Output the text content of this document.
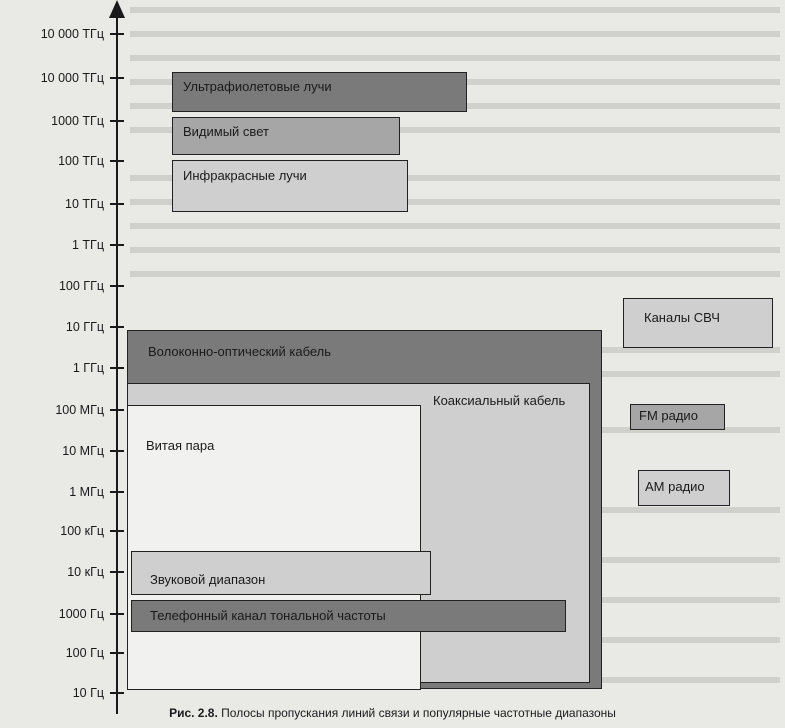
10 000 ТГц
10 000 ТГц
1000 ТГц
100 ТГц
10 ТГц
1 ТГц
100 ГГц
10 ГГц
1 ГГц
100 МГц
10 МГц
1 МГц
100 кГц
10 кГц
1000 Гц
100 Гц
10 Гц
Ультрафиолетовые лучи
Видимый свет
Инфракрасные лучи
Каналы СВЧ
FM радио
AM радио
Волоконно-оптический кабель
Коаксиальный кабель
Витая пара
Звуковой диапазон
Телефонный канал тональной частоты
Рис. 2.8. Полосы пропускания линий связи и популярные частотные диапазоны
